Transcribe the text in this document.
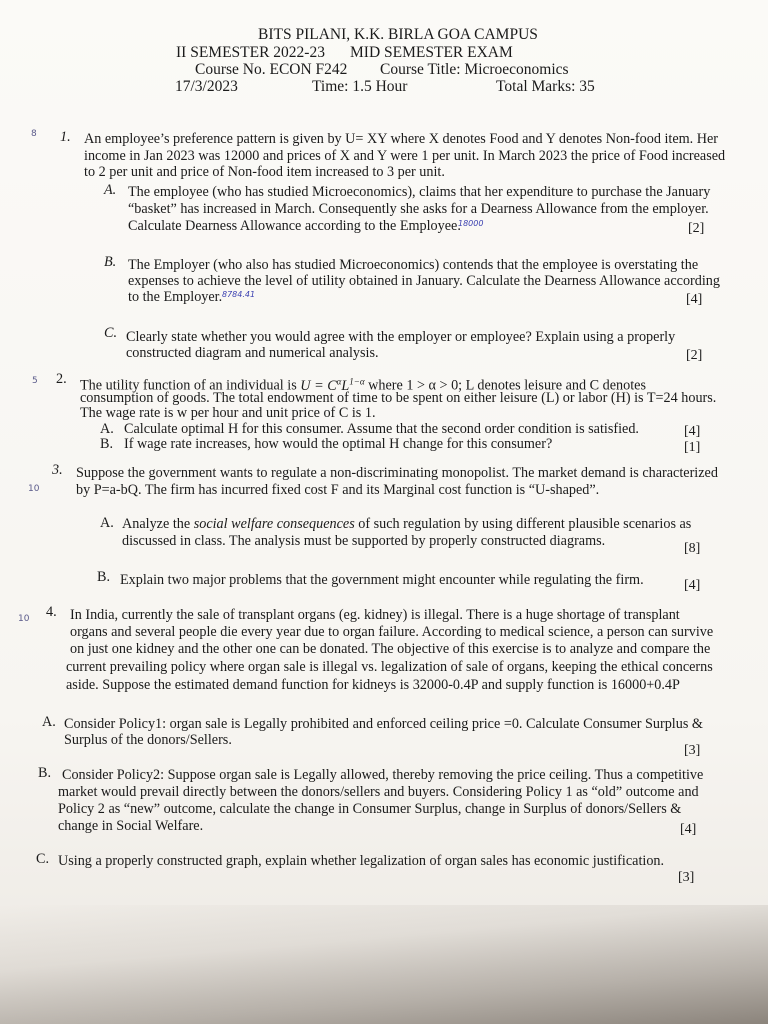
BITS PILANI, K.K. BIRLA GOA CAMPUS
II SEMESTER 2022-23 MID SEMESTER EXAM
Course No. ECON F242 Course Title: Microeconomics
17/3/2023	Time: 1.5 Hour	Total Marks: 35
8 1. An employee’s preference pattern is given by U= XY where X denotes Food and Y denotes Non-food item. Her
income in Jan 2023 was 12000 and prices of X and Y were 1 per unit. In March 2023 the price of Food increased
to 2 per unit and price of Non-food item increased to 3 per unit.
A. The employee (who has studied Microeconomics), claims that her expenditure to purchase the January
“basket” has increased in March. Consequently she asks for a Dearness Allowance from the employer.
Calculate Dearness Allowance according to the Employee.
18000	[2]
B. The Employer (who also has studied Microeconomics) contends that the employee is overstating the
expenses to achieve the level of utility obtained in January. Calculate the Dearness Allowance according
to the Employer. 8784.41	[4]
C. Clearly state whether you would agree with the employer or employee? Explain using a properly
constructed diagram and numerical analysis.	[2]
5 2. The utility function of an individual is $U = C^\alpha L^{1-\alpha}$ where 1 > α > 0; L denotes leisure and C denotes
consumption of goods. The total endowment of time to be spent on either leisure (L) or labor (H) is T=24 hours.
The wage rate is w per hour and unit price of C is 1.
A. Calculate optimal H for this consumer. Assume that the second order condition is satisfied.	[4]
B. If wage rate increases, how would the optimal H change for this consumer?	[1]
10
3. Suppose the government wants to regulate a non-discriminating monopolist. The market demand is characterized
by P=a-bQ. The firm has incurred fixed cost F and its Marginal cost function is “U-shaped”.
A. Analyze the social welfare consequences of such regulation by using different plausible scenarios as
discussed in class. The analysis must be supported by properly constructed diagrams.	[8]
B. Explain two major problems that the government might encounter while regulating the firm.	[4]
10 4. In India, currently the sale of transplant organs (eg. kidney) is illegal. There is a huge shortage of transplant
organs and several people die every year due to organ failure. According to medical science, a person can survive
on just one kidney and the other one can be donated. The objective of this exercise is to analyze and compare the
current prevailing policy where organ sale is illegal vs. legalization of sale of organs, keeping the ethical concerns
aside. Suppose the estimated demand function for kidneys is 32000-0.4P and supply function is 16000+0.4P
A. Consider Policy1: organ sale is Legally prohibited and enforced ceiling price =0. Calculate Consumer Surplus &
Surplus of the donors/Sellers.
[3]
B. Consider Policy2: Suppose organ sale is Legally allowed, thereby removing the price ceiling. Thus a competitive
market would prevail directly between the donors/sellers and buyers. Considering Policy 1 as “old” outcome and
Policy 2 as “new” outcome, calculate the change in Consumer Surplus, change in Surplus of donors/Sellers &
change in Social Welfare.	[4]
C. Using a properly constructed graph, explain whether legalization of organ sales has economic justification.
[3]
